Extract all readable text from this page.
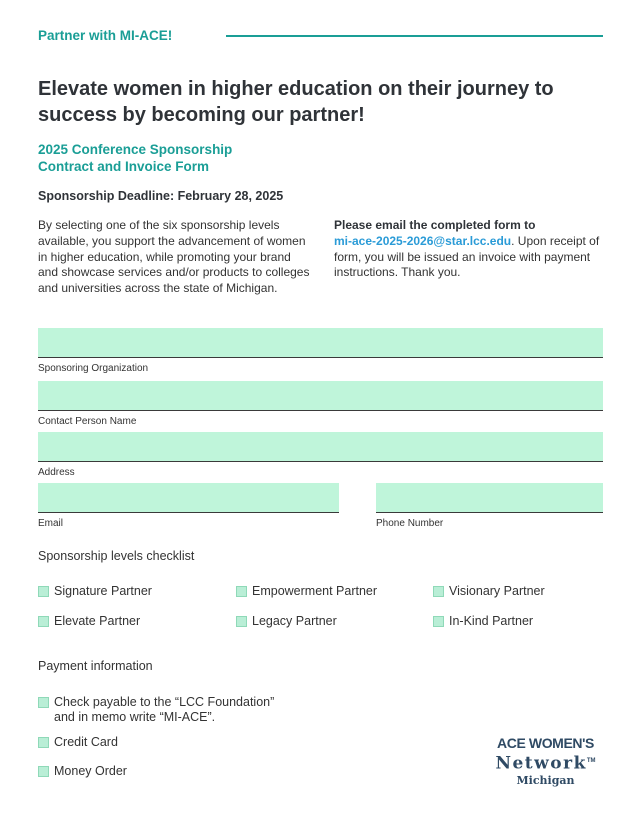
Partner with MI-ACE!
Elevate women in higher education on their journey to success by becoming our partner!
2025 Conference Sponsorship
Contract and Invoice Form
Sponsorship Deadline: February 28, 2025
By selecting one of the six sponsorship levels available, you support the advancement of women in higher education, while promoting your brand and showcase services and/or products to colleges and universities across the state of Michigan.
Please email the completed form to
mi-ace-2025-2026@star.lcc.edu. Upon receipt of form, you will be issued an invoice with payment instructions. Thank you.
Sponsoring Organization
Contact Person Name
Address
Email	Phone Number
Sponsorship levels checklist
Signature Partner	Empowerment Partner	Visionary Partner
Elevate Partner	Legacy Partner	In-Kind Partner
Payment information
Check payable to the “LCC Foundation”
and in memo write “MI-ACE”.
Credit Card
Money Order
ACE WOMEN'S
Network™
Michigan
